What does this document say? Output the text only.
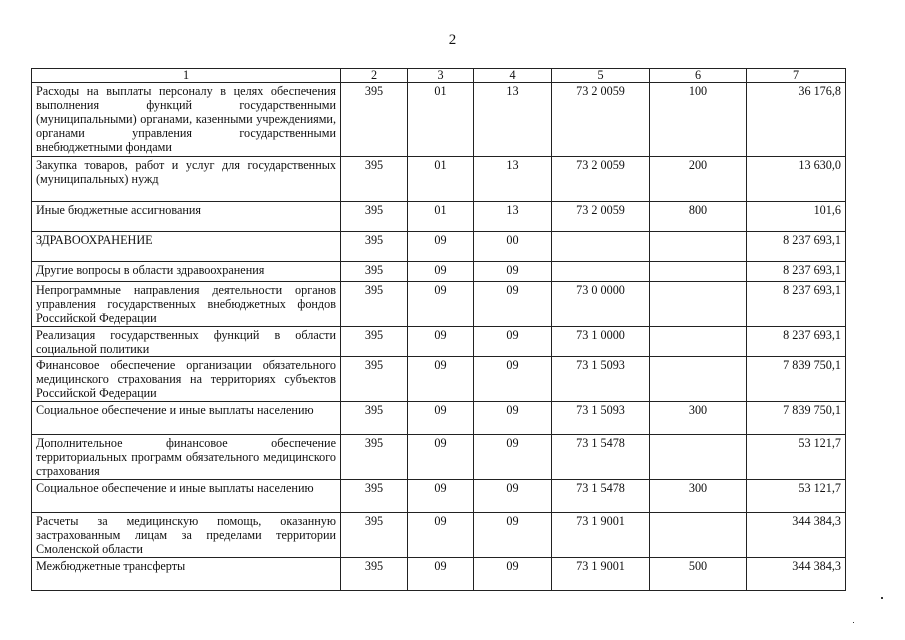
2
1	2	3	4	5	6	7
Расходы на выплаты персоналу в целях обеспечения выполнения функций государственными (муниципальными) органами, казенными учреждениями, органами управления государственными внебюджетными фондами	395	01	13	73 2 0059	100	36 176,8
Закупка товаров, работ и услуг для государственных (муниципальных) нужд	395	01	13	73 2 0059	200	13 630,0
Иные бюджетные ассигнования	395	01	13	73 2 0059	800	101,6
ЗДРАВООХРАНЕНИЕ	395	09	00			8 237 693,1
Другие вопросы в области здравоохранения	395	09	09			8 237 693,1
Непрограммные направления деятельности органов управления государственных внебюджетных фондов Российской Федерации	395	09	09	73 0 0000		8 237 693,1
Реализация государственных функций в области социальной политики	395	09	09	73 1 0000		8 237 693,1
Финансовое обеспечение организации обязательного медицинского страхования на территориях субъектов Российской Федерации	395	09	09	73 1 5093		7 839 750,1
Социальное обеспечение и иные выплаты населению	395	09	09	73 1 5093	300	7 839 750,1
Дополнительное финансовое обеспечение территориальных программ обязательного медицинского страхования	395	09	09	73 1 5478		53 121,7
Социальное обеспечение и иные выплаты населению	395	09	09	73 1 5478	300	53 121,7
Расчеты за медицинскую помощь, оказанную застрахованным лицам за пределами территории Смоленской области	395	09	09	73 1 9001		344 384,3
Межбюджетные трансферты	395	09	09	73 1 9001	500	344 384,3
